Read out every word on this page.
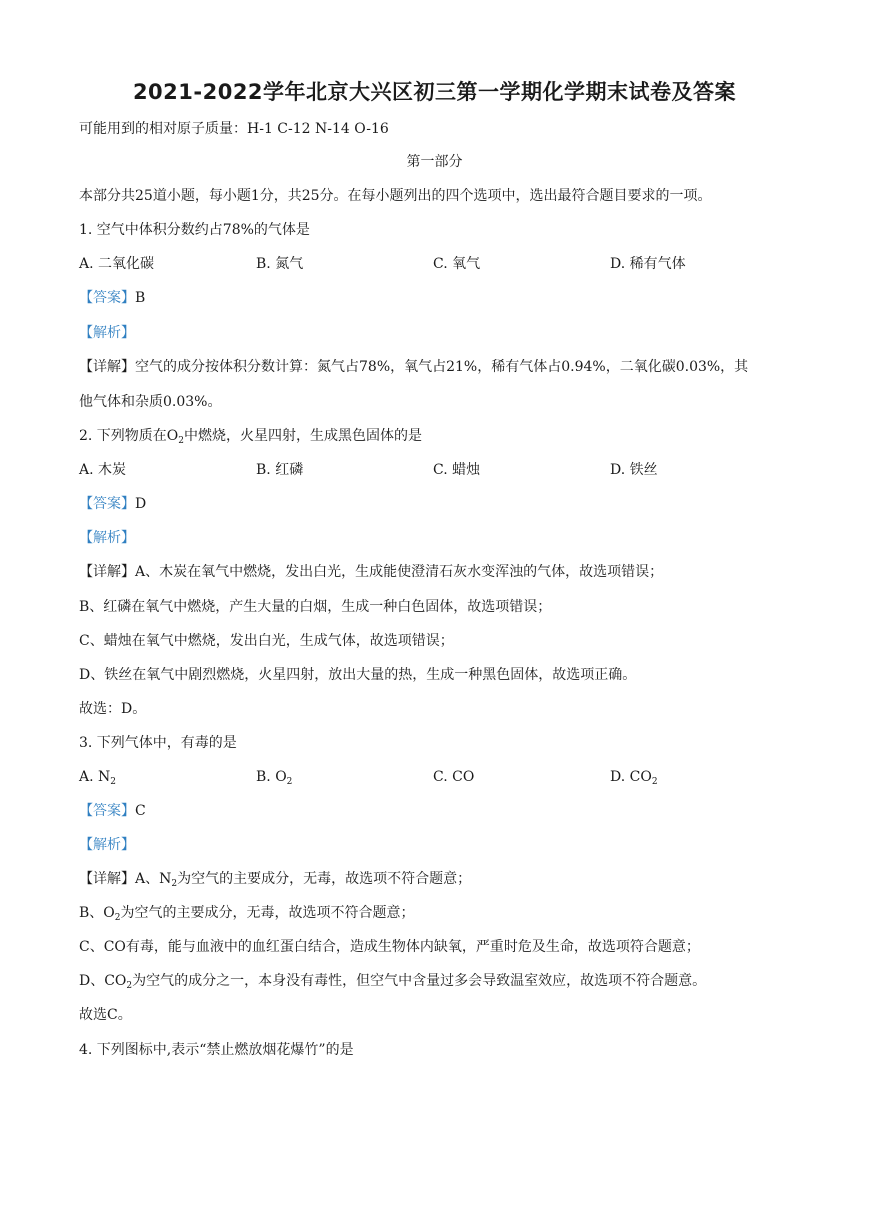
2021-2022学年北京大兴区初三第一学期化学期末试卷及答案
可能用到的相对原子质量：H-1 C-12 N-14 O-16
第一部分
本部分共25道小题，每小题1分，共25分。在每小题列出的四个选项中，选出最符合题目要求的一项。
1. 空气中体积分数约占78%的气体是
A. 二氧化碳	B. 氮气	C. 氧气	D. 稀有气体
【答案】B
【解析】
【详解】空气的成分按体积分数计算：氮气占78%，氧气占21%，稀有气体占0.94%，二氧化碳0.03%，其
他气体和杂质0.03%。
2. 下列物质在$O_2$中燃烧，火星四射，生成黑色固体的是
A. 木炭	B. 红磷	C. 蜡烛	D. 铁丝
【答案】D
【解析】
【详解】A、木炭在氧气中燃烧，发出白光，生成能使澄清石灰水变浑浊的气体，故选项错误；
B、红磷在氧气中燃烧，产生大量的白烟，生成一种白色固体，故选项错误；
C、蜡烛在氧气中燃烧，发出白光，生成气体，故选项错误；
D、铁丝在氧气中剧烈燃烧，火星四射，放出大量的热，生成一种黑色固体，故选项正确。
故选：D。
3. 下列气体中，有毒的是
A. $N_2$	B. $O_2$	C. CO	D. $CO_2$
【答案】C
【解析】
【详解】A、$N_2$为空气的主要成分，无毒，故选项不符合题意；
B、$O_2$为空气的主要成分，无毒，故选项不符合题意；
C、CO有毒，能与血液中的血红蛋白结合，造成生物体内缺氧，严重时危及生命，故选项符合题意；
D、$CO_2$为空气的成分之一，本身没有毒性，但空气中含量过多会导致温室效应，故选项不符合题意。
故选C。
4. 下列图标中,表示“禁止燃放烟花爆竹”的是
